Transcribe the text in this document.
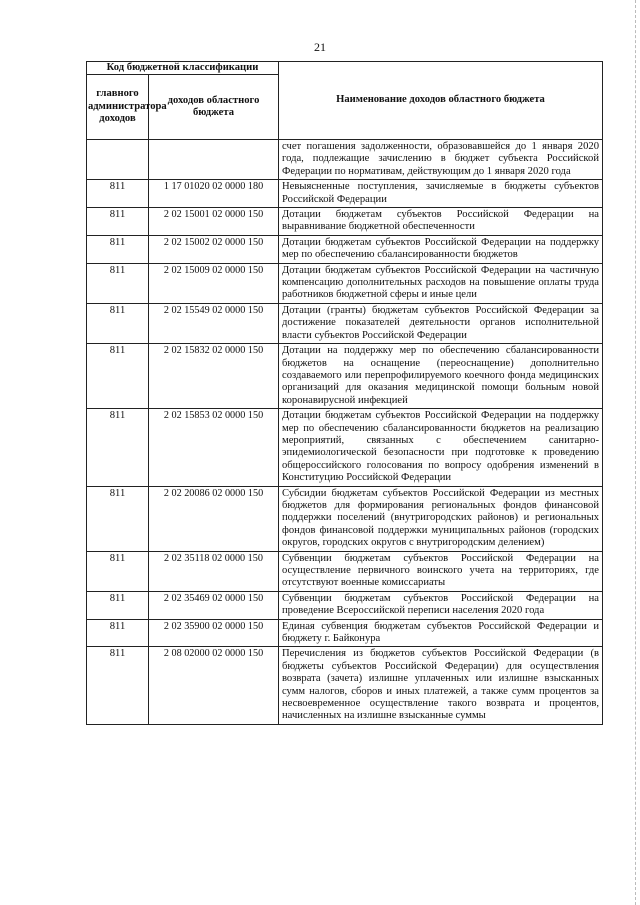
21
Код бюджетной классификации		Наименование доходов областного бюджета
главного администратора доходов	доходов областного бюджета	
		счет погашения задолженности, образовавшейся до 1 января 2020 года, подлежащие зачислению в бюджет субъекта Российской Федерации по нормативам, действующим до 1 января 2020 года
811	1 17 01020 02 0000 180	Невыясненные поступления, зачисляемые в бюджеты субъектов Российской Федерации
811	2 02 15001 02 0000 150	Дотации бюджетам субъектов Российской Федерации на выравнивание бюджетной обеспеченности
811	2 02 15002 02 0000 150	Дотации бюджетам субъектов Российской Федерации на поддержку мер по обеспечению сбалансированности бюджетов
811	2 02 15009 02 0000 150	Дотации бюджетам субъектов Российской Федерации на частичную компенсацию дополнительных расходов на повышение оплаты труда работников бюджетной сферы и иные цели
811	2 02 15549 02 0000 150	Дотации (гранты) бюджетам субъектов Российской Федерации за достижение показателей деятельности органов исполнительной власти субъектов Российской Федерации
811	2 02 15832 02 0000 150	Дотации на поддержку мер по обеспечению сбалансированности бюджетов на оснащение (переоснащение) дополнительно создаваемого или перепрофилируемого коечного фонда медицинских организаций для оказания медицинской помощи больным новой коронавирусной инфекцией
811	2 02 15853 02 0000 150	Дотации бюджетам субъектов Российской Федерации на поддержку мер по обеспечению сбалансированности бюджетов на реализацию мероприятий, связанных с обеспечением санитарно-эпидемиологической безопасности при подготовке к проведению общероссийского голосования по вопросу одобрения изменений в Конституцию Российской Федерации
811	2 02 20086 02 0000 150	Субсидии бюджетам субъектов Российской Федерации из местных бюджетов для формирования региональных фондов финансовой поддержки поселений (внутригородских районов) и региональных фондов финансовой поддержки муниципальных районов (городских округов, городских округов с внутригородским делением)
811	2 02 35118 02 0000 150	Субвенции бюджетам субъектов Российской Федерации на осуществление первичного воинского учета на территориях, где отсутствуют военные комиссариаты
811	2 02 35469 02 0000 150	Субвенции бюджетам субъектов Российской Федерации на проведение Всероссийской переписи населения 2020 года
811	2 02 35900 02 0000 150	Единая субвенция бюджетам субъектов Российской Федерации и бюджету г. Байконура
811	2 08 02000 02 0000 150	Перечисления из бюджетов субъектов Российской Федерации (в бюджеты субъектов Российской Федерации) для осуществления возврата (зачета) излишне уплаченных или излишне взысканных сумм налогов, сборов и иных платежей, а также сумм процентов за несвоевременное осуществление такого возврата и процентов, начисленных на излишне взысканные суммы
